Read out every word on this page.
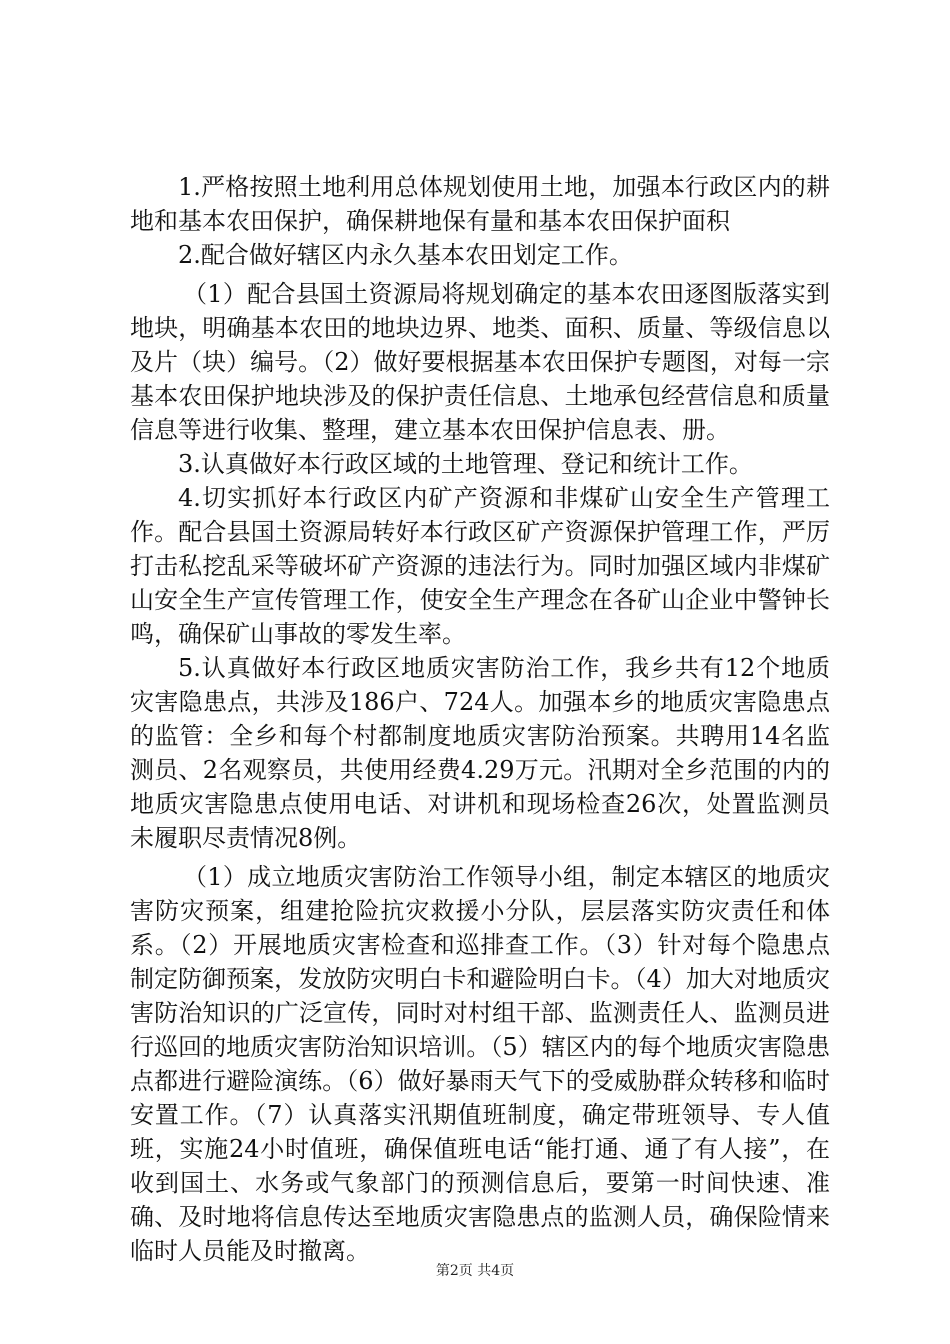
1.严格按照土地利用总体规划使用土地，加强本行政区内的耕地和基本农田保护，确保耕地保有量和基本农田保护面积

2.配合做好辖区内永久基本农田划定工作。

（1）配合县国土资源局将规划确定的基本农田逐图版落实到地块，明确基本农田的地块边界、地类、面积、质量、等级信息以及片（块）编号。（2）做好要根据基本农田保护专题图，对每一宗基本农田保护地块涉及的保护责任信息、土地承包经营信息和质量信息等进行收集、整理，建立基本农田保护信息表、册。

3.认真做好本行政区域的土地管理、登记和统计工作。

4.切实抓好本行政区内矿产资源和非煤矿山安全生产管理工作。配合县国土资源局转好本行政区矿产资源保护管理工作，严厉打击私挖乱采等破坏矿产资源的违法行为。同时加强区域内非煤矿山安全生产宣传管理工作，使安全生产理念在各矿山企业中警钟长鸣，确保矿山事故的零发生率。

5.认真做好本行政区地质灾害防治工作，我乡共有12个地质灾害隐患点，共涉及186户、724人。加强本乡的地质灾害隐患点的监管：全乡和每个村都制度地质灾害防治预案。共聘用14名监测员、2名观察员，共使用经费4.29万元。汛期对全乡范围的内的地质灾害隐患点使用电话、对讲机和现场检查26次，处置监测员未履职尽责情况8例。

（1）成立地质灾害防治工作领导小组，制定本辖区的地质灾害防灾预案，组建抢险抗灾救援小分队，层层落实防灾责任和体系。（2）开展地质灾害检查和巡排查工作。（3）针对每个隐患点制定防御预案，发放防灾明白卡和避险明白卡。（4）加大对地质灾害防治知识的广泛宣传，同时对村组干部、监测责任人、监测员进行巡回的地质灾害防治知识培训。（5）辖区内的每个地质灾害隐患点都进行避险演练。（6）做好暴雨天气下的受威胁群众转移和临时安置工作。（7）认真落实汛期值班制度，确定带班领导、专人值班，实施24小时值班，确保值班电话“能打通、通了有人接”，在收到国土、水务或气象部门的预测信息后，要第一时间快速、准确、及时地将信息传达至地质灾害隐患点的监测人员，确保险情来临时人员能及时撤离。

第2页 共4页
